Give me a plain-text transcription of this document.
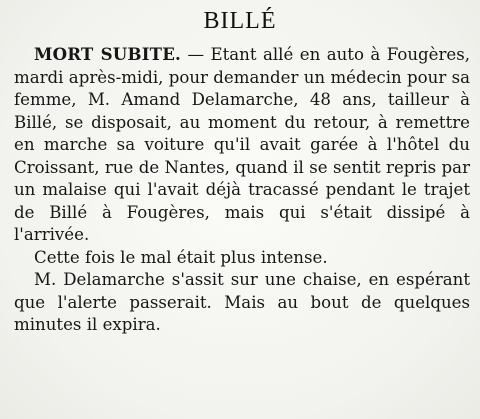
BILLÉ

MORT SUBITE. — Etant allé en auto à Fougères, mardi après-midi, pour demander un médecin pour sa femme, M. Amand Delamarche, 48 ans, tailleur à Billé, se disposait, au moment du retour, à remettre en marche sa voiture qu'il avait garée à l'hôtel du Croissant, rue de Nantes, quand il se sentit repris par un malaise qui l'avait déjà tracassé pendant le trajet de Billé à Fougères, mais qui s'était dissipé à l'arrivée.

Cette fois le mal était plus intense.

M. Delamarche s'assit sur une chaise, en espérant que l'alerte passerait. Mais au bout de quelques minutes il expira.
